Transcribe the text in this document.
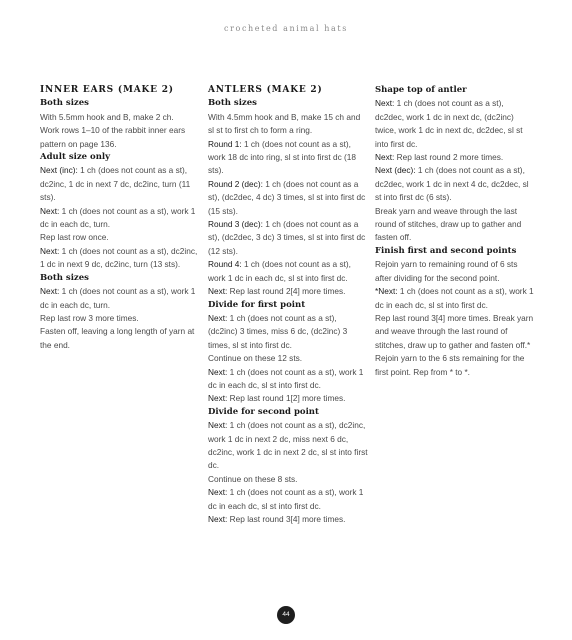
crocheted animal hats
INNER EARS (MAKE 2)
Both sizes

With 5.5mm hook and B, make 2 ch.
Work rows 1–10 of the rabbit inner ears pattern on page 136.

Adult size only

Next (inc): 1 ch (does not count as a st), dc2inc, 1 dc in next 7 dc, dc2inc, turn (11 sts).

Next: 1 ch (does not count as a st), work 1 dc in each dc, turn.

Rep last row once.

Next: 1 ch (does not count as a st), dc2inc, 1 dc in next 9 dc, dc2inc, turn (13 sts).

Both sizes

Next: 1 ch (does not count as a st), work 1 dc in each dc, turn.

Rep last row 3 more times.
Fasten off, leaving a long length of yarn at the end.

ANTLERS (MAKE 2)
Both sizes

With 4.5mm hook and B, make 15 ch and sl st to first ch to form a ring.

Round 1: 1 ch (does not count as a st), work 18 dc into ring, sl st into first dc (18 sts).

Round 2 (dec): 1 ch (does not count as a st), (dc2dec, 4 dc) 3 times, sl st into first dc (15 sts).

Round 3 (dec): 1 ch (does not count as a st), (dc2dec, 3 dc) 3 times, sl st into first dc (12 sts).

Round 4: 1 ch (does not count as a st), work 1 dc in each dc, sl st into first dc.

Next: Rep last round 2[4] more times.

Divide for first point

Next: 1 ch (does not count as a st), (dc2inc) 3 times, miss 6 dc, (dc2inc) 3 times, sl st into first dc.
Continue on these 12 sts.

Next: 1 ch (does not count as a st), work 1 dc in each dc, sl st into first dc.

Next: Rep last round 1[2] more times.

Divide for second point

Next: 1 ch (does not count as a st), dc2inc, work 1 dc in next 2 dc, miss next 6 dc, dc2inc, work 1 dc in next 2 dc, sl st into first dc.
Continue on these 8 sts.

Next: 1 ch (does not count as a st), work 1 dc in each dc, sl st into first dc.

Next: Rep last round 3[4] more times.

Shape top of antler

Next: 1 ch (does not count as a st), dc2dec, work 1 dc in next dc, (dc2inc) twice, work 1 dc in next dc, dc2dec, sl st into first dc.

Next: Rep last round 2 more times.

Next (dec): 1 ch (does not count as a st), dc2dec, work 1 dc in next 4 dc, dc2dec, sl st into first dc (6 sts).
Break yarn and weave through the last round of stitches, draw up to gather and fasten off.

Finish first and second points

Rejoin yarn to remaining round of 6 sts after dividing for the second point.

*Next: 1 ch (does not count as a st), work 1 dc in each dc, sl st into first dc.
Rep last round 3[4] more times. Break yarn and weave through the last round of stitches, draw up to gather and fasten off.*
Rejoin yarn to the 6 sts remaining for the first point. Rep from * to *.

44
